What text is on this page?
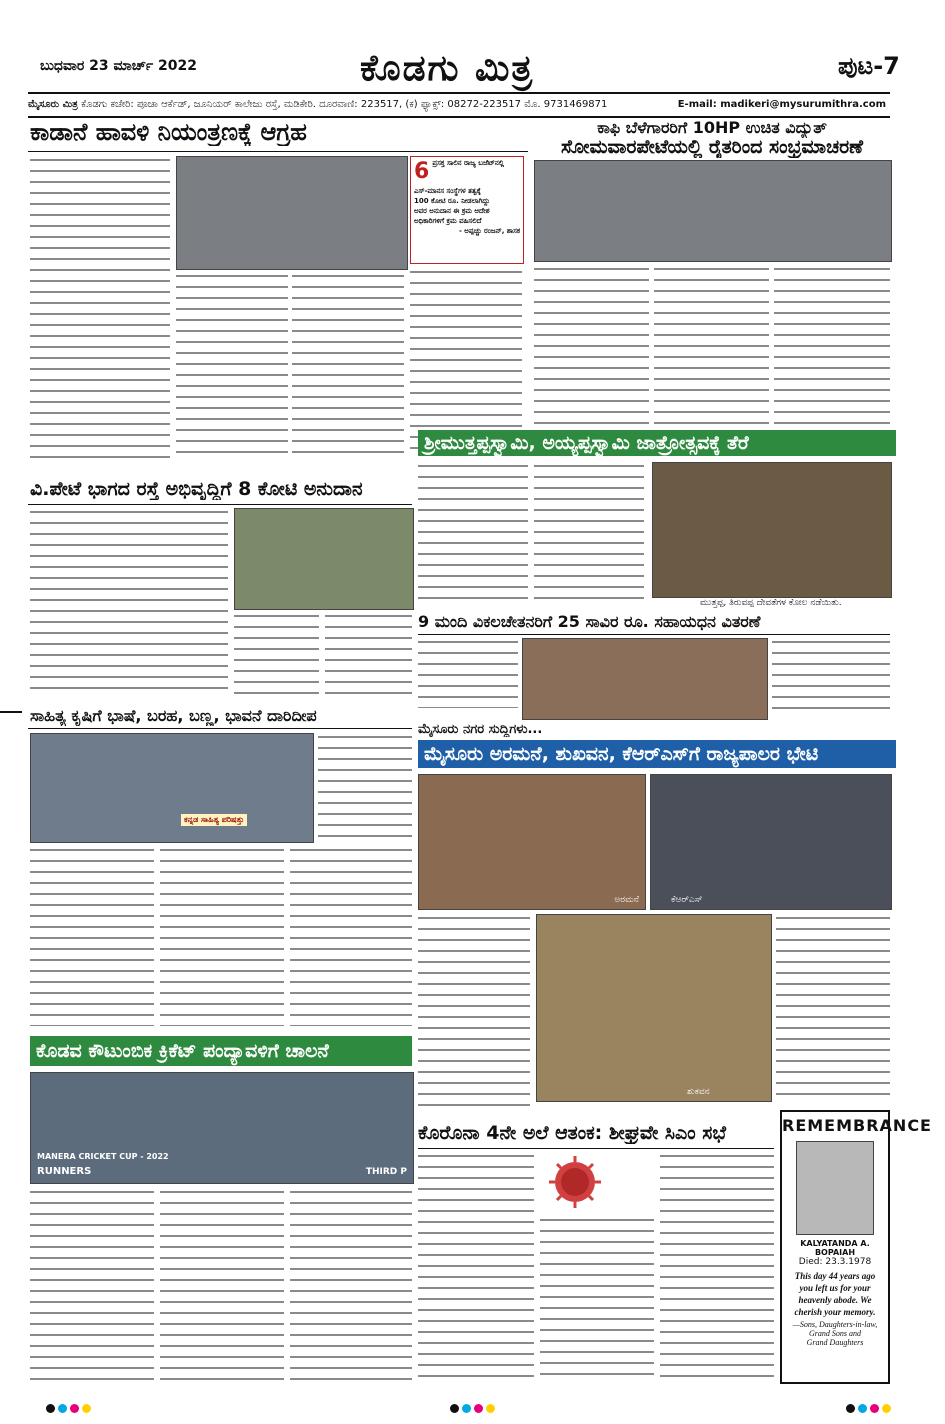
ಬುಧವಾರ 23 ಮಾರ್ಚ್ 2022	ಕೊಡಗು ಮಿತ್ರ	ಪುಟ-7
ಮೈಸೂರು ಮಿತ್ರ ಕೊಡಗು ಕಚೇರಿ: ಪೂಜಾ ಆರ್ಕೆಡ್, ಜೂನಿಯರ್ ಕಾಲೇಜು ರಸ್ತೆ, ಮಡಿಕೇರಿ. ದೂರವಾಣಿ: 223517, (ಕ) ಫ್ಯಾಕ್ಸ್: 08272-223517 ಮೊ. 9731469871	E-mail: madikeri@mysurumithra.com
ಕಾಡಾನೆ ಹಾವಳಿ ನಿಯಂತ್ರಣಕ್ಕೆ ಆಗ್ರಹ
6 ಪ್ರಸಕ್ತ ಸಾಲಿನ ರಾಜ್ಯ ಬಜೆಟ್‌ನಲ್ಲಿ
ಎಸ್-ಮಾನಸ ಸಂಸ್ಥೆಗಳ ತತ್ವಕ್ಕೆ
100 ಕೋಟಿ ರೂ. ನೀಡಲಾಗಿದ್ದು
ಅವರ ಅನುದಾನ ಈ ಕ್ರಮ ಆದೇಶ
ಅಧಿಕಾರಿಗಳಿಗೆ ಕ್ರಮ ವಹಿಸಲಿದೆ
- ಅಪ್ಪಚ್ಚು ರಂಜನ್, ಶಾಸಕ
ಕಾಫಿ ಬೆಳೆಗಾರರಿಗೆ 10HP ಉಚಿತ ವಿದ್ಯುತ್
ಸೋಮವಾರಪೇಟೆಯಲ್ಲಿ ರೈತರಿಂದ ಸಂಭ್ರಮಾಚರಣೆ
ಶ್ರೀಮುತ್ತಪ್ಪಸ್ವಾಮಿ, ಅಯ್ಯಪ್ಪಸ್ವಾಮಿ ಜಾತ್ರೋತ್ಸವಕ್ಕೆ ತೆರೆ
ಮುತ್ತಪ್ಪ, ತಿರುವಪ್ಪ ದೇವತೆಗಳ ಕೋಲ ನಡೆಯಿತು.
ವಿ.ಪೇಟೆ ಭಾಗದ ರಸ್ತೆ ಅಭಿವೃದ್ಧಿಗೆ 8 ಕೋಟಿ ಅನುದಾನ
9 ಮಂದಿ ವಿಕಲಚೇತನರಿಗೆ 25 ಸಾವಿರ ರೂ. ಸಹಾಯಧನ ವಿತರಣೆ
ಸಾಹಿತ್ಯ ಕೃಷಿಗೆ ಭಾಷೆ, ಬರಹ, ಬಣ್ಣ, ಭಾವನೆ ದಾರಿದೀಪ
ಕನ್ನಡ ಸಾಹಿತ್ಯ ಪರಿಷತ್ತು
ಮೈಸೂರು ನಗರ ಸುದ್ದಿಗಳು...
ಮೈಸೂರು ಅರಮನೆ, ಶುಖವನ, ಕೆಆರ್‌ಎಸ್‌ಗೆ ರಾಜ್ಯಪಾಲರ ಭೇಟಿ
ಅರಮನೆ	ಕೆಆರ್‌ಎಸ್
ಶುಕವನ
ಕೊಡವ ಕೌಟುಂಬಿಕ ಕ್ರಿಕೆಟ್ ಪಂದ್ಯಾವಳಿಗೆ ಚಾಲನೆ
MANERA CRICKET CUP - 2022
RUNNERS	THIRD P
ಕೊರೊನಾ 4ನೇ ಅಲೆ ಆತಂಕ: ಶೀಘ್ರವೇ ಸಿಎಂ ಸಭೆ	REMEMBRANCE
KALYATANDA A. BOPAIAH
Died: 23.3.1978
This day 44 years ago
you left us for your
heavenly abode. We
cherish your memory.
—Sons, Daughters-in-law,
Grand Sons and
Grand Daughters
